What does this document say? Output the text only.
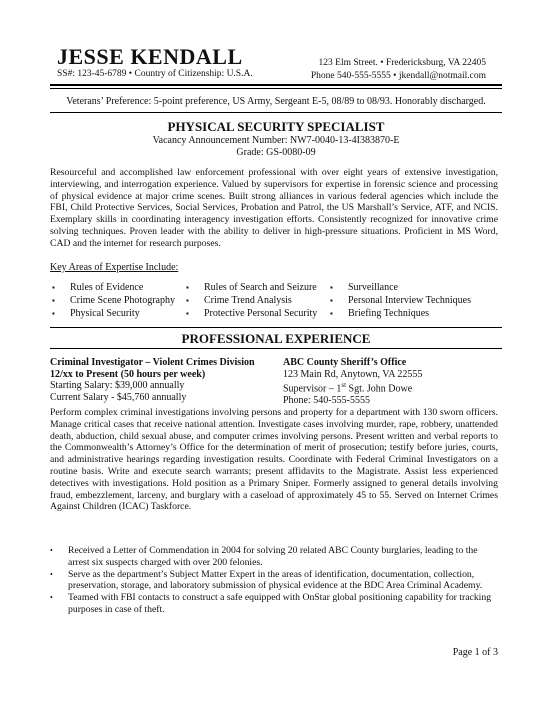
JESSE KENDALL
SS#: 123-45-6789 • Country of Citizenship: U.S.A.
123 Elm Street. • Fredericksburg, VA 22405
Phone 540-555-5555 • jkendall@notmail.com
Veterans’ Preference: 5-point preference, US Army, Sergeant E-5, 08/89 to 08/93. Honorably discharged.
PHYSICAL SECURITY SPECIALIST
Vacancy Announcement Number: NW7-0040-13-4I383870-E
Grade: GS-0080-09
Resourceful and accomplished law enforcement professional with over eight years of extensive investigation, interviewing, and interrogation experience. Valued by supervisors for expertise in forensic science and processing of physical evidence at major crime scenes. Built strong alliances in various federal agencies which include the FBI, Child Protective Services, Social Services, Probation and Patrol, the US Marshall’s Service, ATF, and NCIS. Exemplary skills in coordinating interagency investigation efforts. Consistently recognized for innovative crime solving techniques. Proven leader with the ability to deliver in high-pressure situations. Proficient in MS Word, CAD and the internet for research purposes.
Key Areas of Expertise Include:
▪	Rules of Evidence
▪	Crime Scene Photography
▪	Physical Security
▪	Rules of Search and Seizure
▪	Crime Trend Analysis
▪	Protective Personal Security
▪	Surveillance
▪	Personal Interview Techniques
▪	Briefing Techniques
PROFESSIONAL EXPERIENCE
Criminal Investigator – Violent Crimes Division
12/xx to Present (50 hours per week)
Starting Salary: $39,000 annually
Current Salary - $45,760 annually
ABC County Sheriff’s Office
123 Main Rd, Anytown, VA 22555
Supervisor – 1st Sgt. John Dowe
Phone: 540-555-5555
Perform complex criminal investigations involving persons and property for a department with 130 sworn officers. Manage critical cases that receive national attention. Investigate cases involving murder, rape, robbery, unattended death, abduction, child sexual abuse, and computer crimes involving persons. Present written and verbal reports to the Commonwealth’s Attorney’s Office for the determination of merit of prosecution; testify before juries, courts, and administrative hearings regarding investigation results. Coordinate with Federal Criminal Investigators on a routine basis. Write and execute search warrants; present affidavits to the Magistrate. Assist less experienced detectives with investigations. Hold position as a Primary Sniper. Formerly assigned to general details involving fraud, embezzlement, larceny, and burglary with a caseload of approximately 45 to 55. Served on Internet Crimes Against Children (ICAC) Taskforce.
•	Received a Letter of Commendation in 2004 for solving 20 related ABC County burglaries, leading to the arrest six suspects charged with over 200 felonies.
•	Serve as the department’s Subject Matter Expert in the areas of identification, documentation, collection, preservation, storage, and laboratory submission of physical evidence at the BDC Area Criminal Academy.
•	Teamed with FBI contacts to construct a safe equipped with OnStar global positioning capability for tracking purposes in case of theft.
Page 1 of 3
